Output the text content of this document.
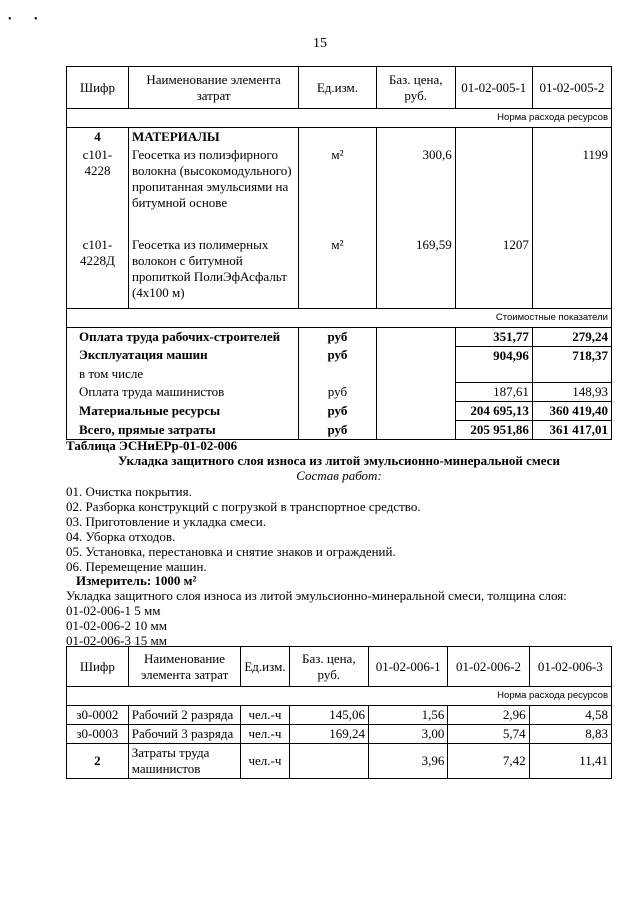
• •
15
Шифр	Наименование элемента затрат	Ед.изм.	Баз. цена, руб.	01-02-005-1	01-02-005-2
Норма расхода ресурсов					
4	МАТЕРИАЛЫ				
с101-4228	Геосетка из полиэфирного волокна (высокомодульного) пропитанная эмульсиями на битумной основе	м²	300,6		1199
с101-4228Д	Геосетка из полимерных волокон с битумной пропиткой ПолиЭфАсфальт (4х100 м)	м²	169,59	1207	
Стоимостные показатели					
Оплата труда рабочих-строителей		руб		351,77	279,24
Эксплуатация машин		руб		904,96	718,37
в том числе					
Оплата труда машинистов		руб		187,61	148,93
Материальные ресурсы		руб		204 695,13	360 419,40
Всего, прямые затраты		руб		205 951,86	361 417,01
Таблица ЭСНиЕРр-01-02-006
Укладка защитного слоя износа из литой эмульсионно-минеральной смеси
Состав работ:
01. Очистка покрытия.
02. Разборка конструкций с погрузкой в транспортное средство.
03. Приготовление и укладка смеси.
04. Уборка отходов.
05. Установка, перестановка и снятие знаков и ограждений.
06. Перемещение машин.
Измеритель: 1000 м²
Укладка защитного слоя износа из литой эмульсионно-минеральной смеси, толщина слоя:
01-02-006-1 5 мм
01-02-006-2 10 мм
01-02-006-3 15 мм
Шифр	Наименование элемента затрат	Ед.изм.	Баз. цена, руб.	01-02-006-1	01-02-006-2	01-02-006-3
Норма расхода ресурсов						
з0-0002	Рабочий 2 разряда	чел.-ч	145,06	1,56	2,96	4,58
з0-0003	Рабочий 3 разряда	чел.-ч	169,24	3,00	5,74	8,83
2	Затраты труда машинистов	чел.-ч		3,96	7,42	11,41
